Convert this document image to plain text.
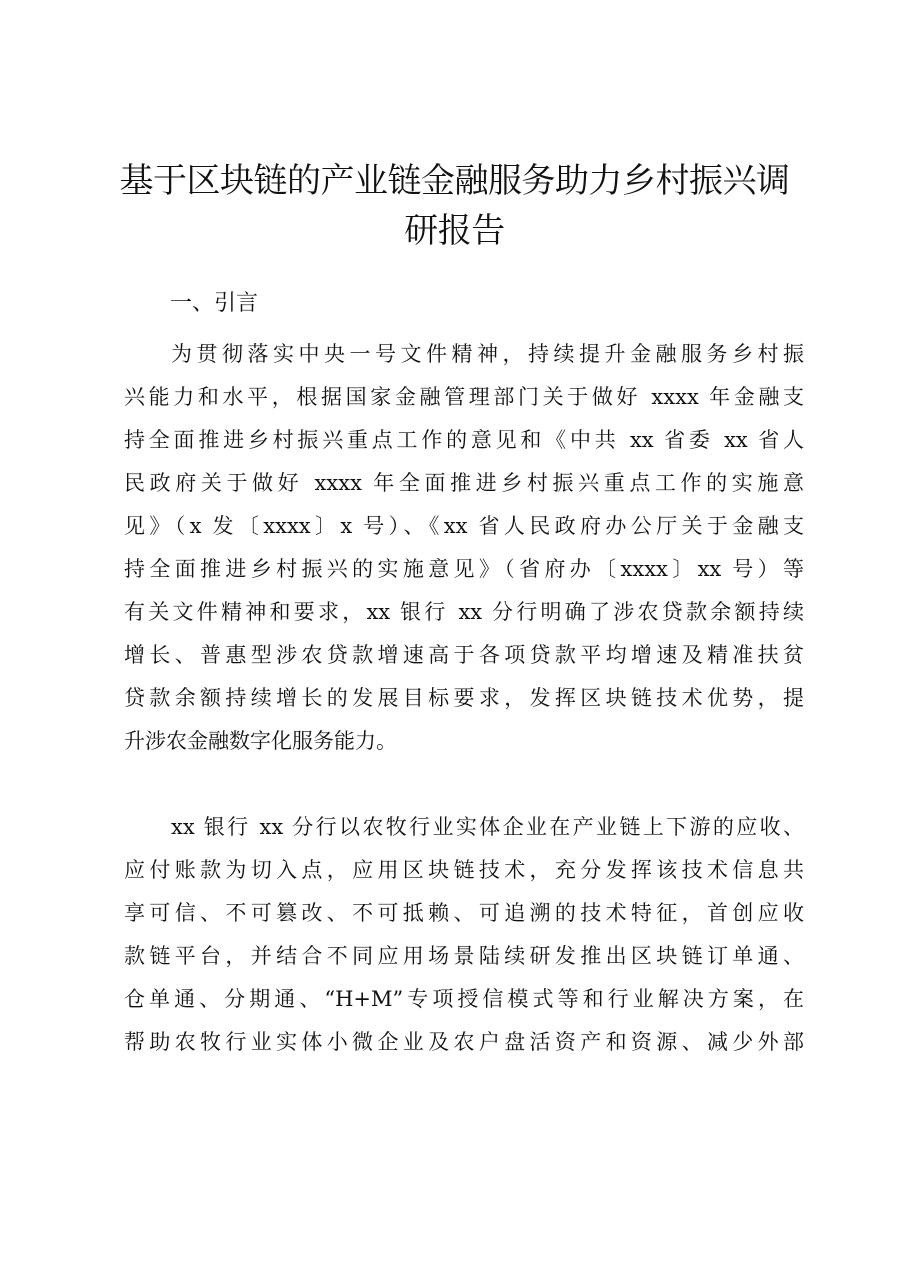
基于区块链的产业链金融服务助力乡村振兴调
研报告
一、引言
为贯彻落实中央一号文件精神，持续提升金融服务乡村振
兴能力和水平，根据国家金融管理部门关于做好 xxxx 年金融支
持全面推进乡村振兴重点工作的意见和《中共 xx 省委 xx 省人
民政府关于做好 xxxx 年全面推进乡村振兴重点工作的实施意
见》（x 发〔xxxx〕x 号）、《xx 省人民政府办公厅关于金融支
持全面推进乡村振兴的实施意见》（省府办〔xxxx〕xx 号）等
有关文件精神和要求，xx 银行 xx 分行明确了涉农贷款余额持续
增长、普惠型涉农贷款增速高于各项贷款平均增速及精准扶贫
贷款余额持续增长的发展目标要求，发挥区块链技术优势，提
升涉农金融数字化服务能力。
xx 银行 xx 分行以农牧行业实体企业在产业链上下游的应收、
应付账款为切入点，应用区块链技术，充分发挥该技术信息共
享可信、不可篡改、不可抵赖、可追溯的技术特征，首创应收
款链平台，并结合不同应用场景陆续研发推出区块链订单通、
仓单通、分期通、“H+M”专项授信模式等和行业解决方案，在
帮助农牧行业实体小微企业及农户盘活资产和资源、减少外部
